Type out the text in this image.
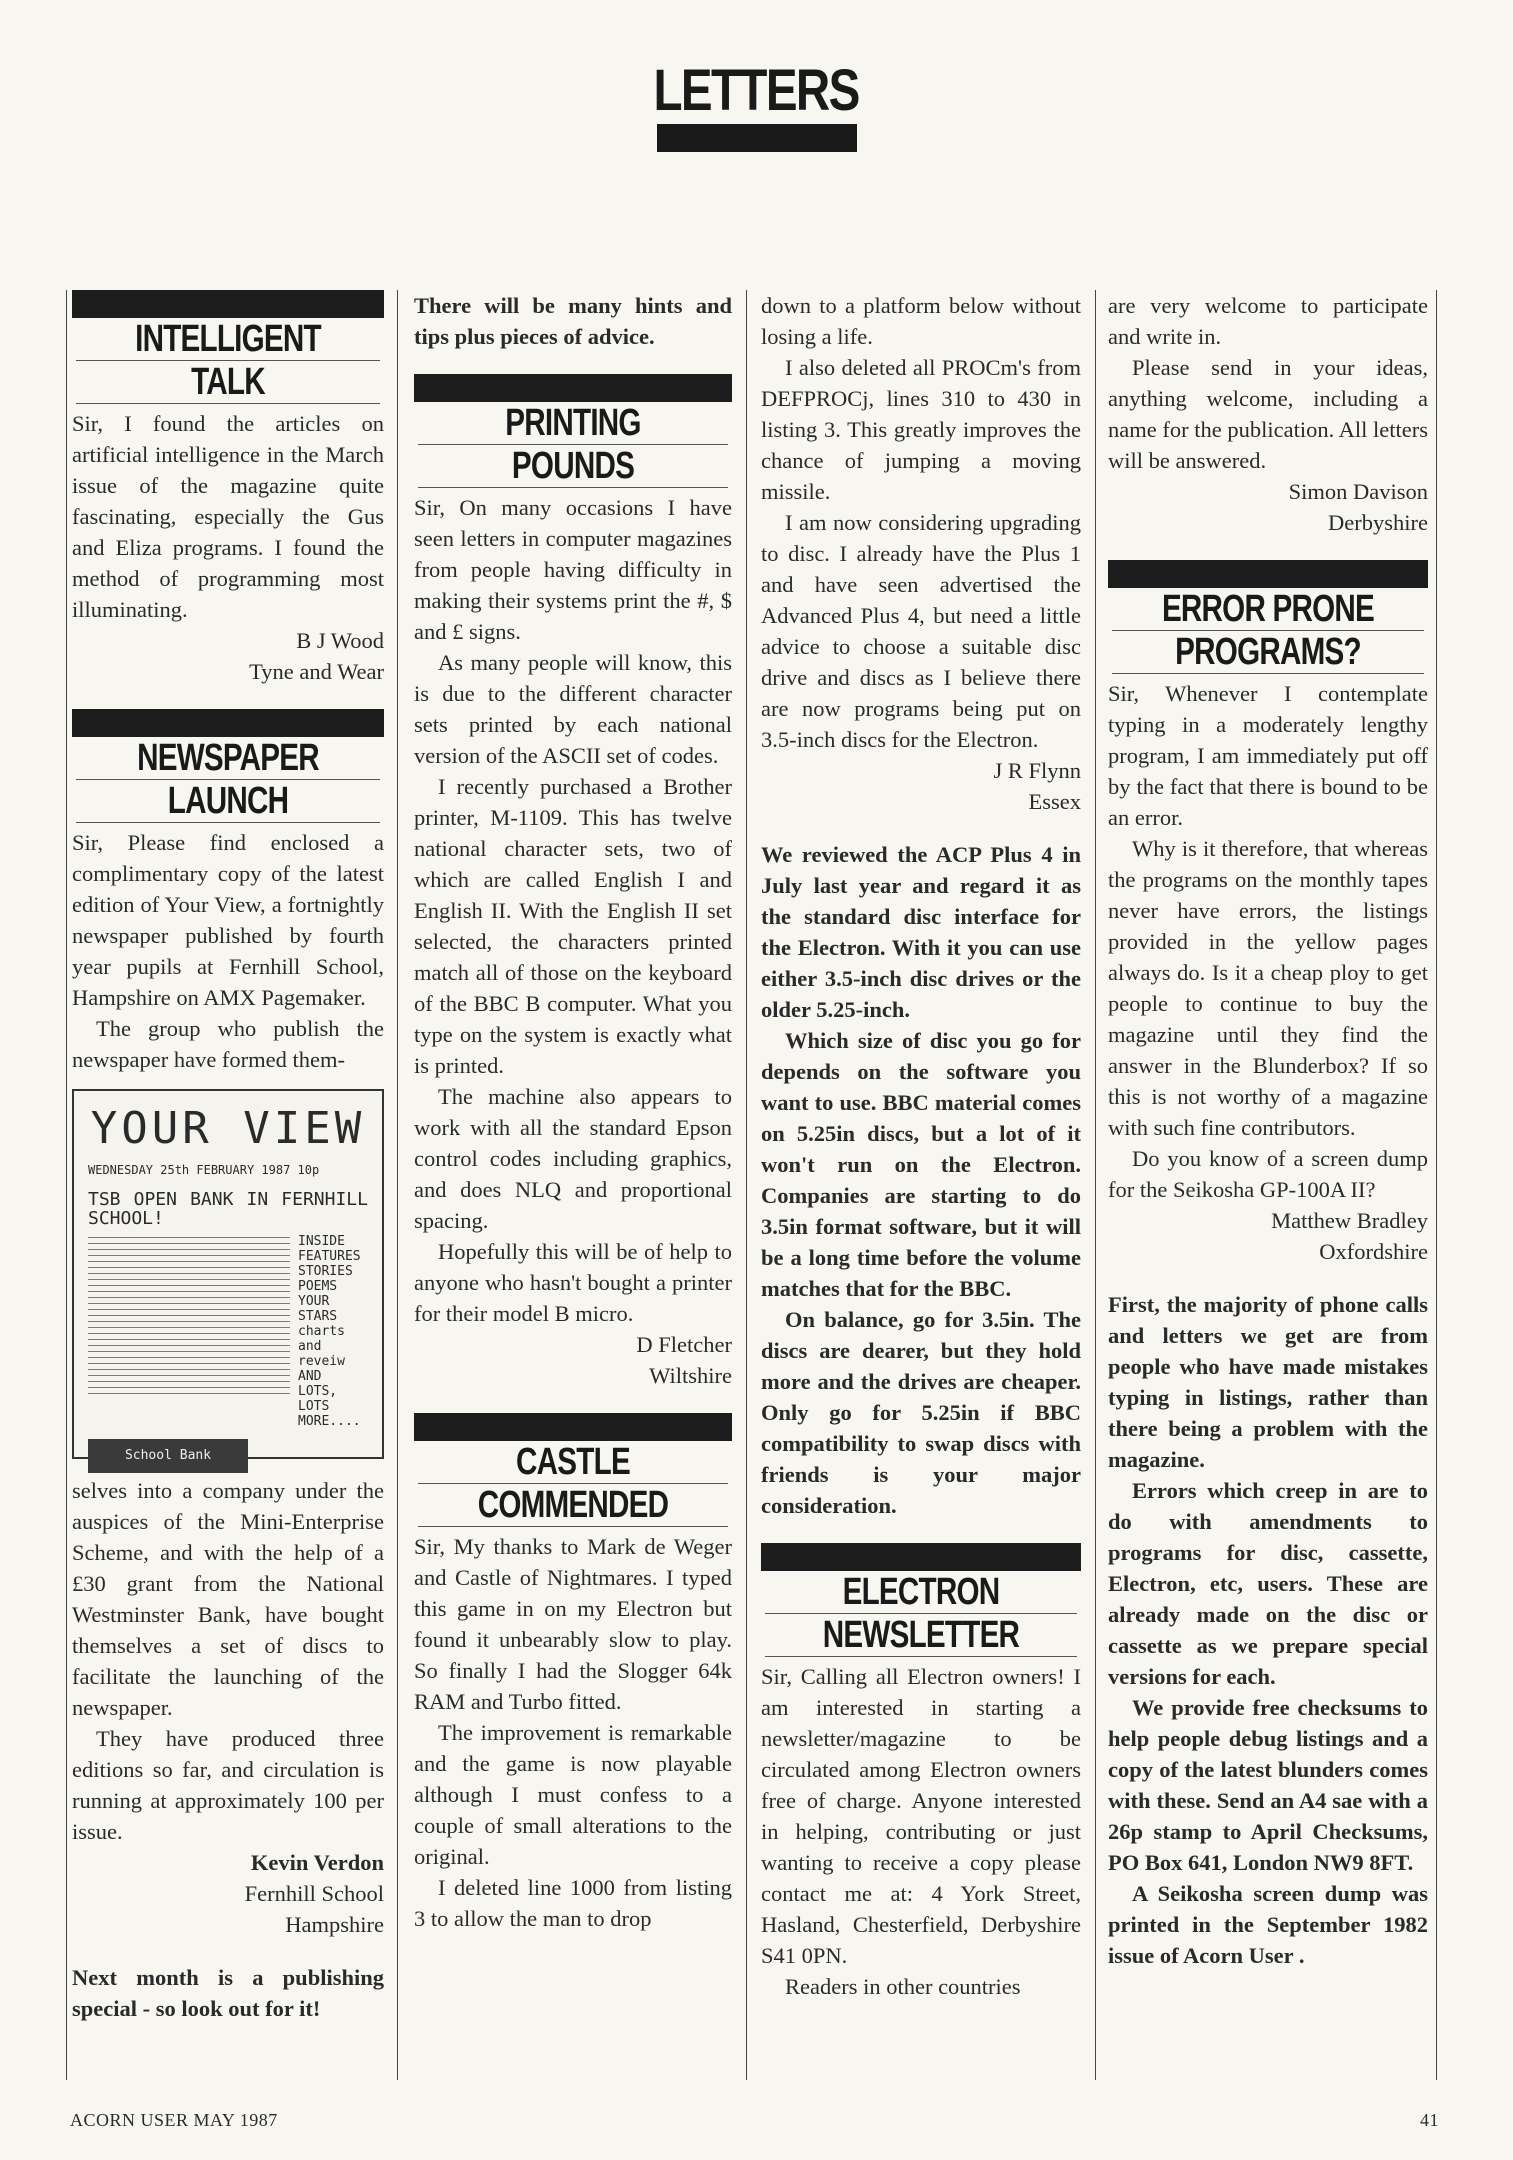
LETTERS
INTELLIGENT
TALK

Sir, I found the articles on artificial intelligence in the March issue of the magazine quite fascinating, especially the Gus and Eliza programs. I found the method of programming most illuminating.

B J Wood

Tyne and Wear

NEWSPAPER
LAUNCH

Sir, Please find enclosed a complimentary copy of the latest edition of Your View, a fortnightly newspaper published by fourth year pupils at Fernhill School, Hampshire on AMX Pagemaker.

The group who publish the newspaper have formed them-

YOUR VIEW
WEDNESDAY 25th FEBRUARY 1987 10p
TSB OPEN BANK IN FERNHILL SCHOOL!
INSIDE FEATURES STORIES POEMS YOUR STARS charts and reveiw AND LOTS, LOTS MORE....
School Bank

selves into a company under the auspices of the Mini-Enterprise Scheme, and with the help of a £30 grant from the National Westminster Bank, have bought themselves a set of discs to facilitate the launching of the newspaper.

They have produced three editions so far, and circulation is running at approximately 100 per issue.

Kevin Verdon

Fernhill School

Hampshire

Next month is a publishing special - so look out for it!

There will be many hints and tips plus pieces of advice.

PRINTING
POUNDS

Sir, On many occasions I have seen letters in computer magazines from people having difficulty in making their systems print the #, $ and £ signs.

As many people will know, this is due to the different character sets printed by each national version of the ASCII set of codes.

I recently purchased a Brother printer, M-1109. This has twelve national character sets, two of which are called English I and English II. With the English II set selected, the characters printed match all of those on the keyboard of the BBC B computer. What you type on the system is exactly what is printed.

The machine also appears to work with all the standard Epson control codes including graphics, and does NLQ and proportional spacing.

Hopefully this will be of help to anyone who hasn't bought a printer for their model B micro.

D Fletcher

Wiltshire

CASTLE
COMMENDED

Sir, My thanks to Mark de Weger and Castle of Nightmares. I typed this game in on my Electron but found it unbearably slow to play. So finally I had the Slogger 64k RAM and Turbo fitted.

The improvement is remarkable and the game is now playable although I must confess to a couple of small alterations to the original.

I deleted line 1000 from listing 3 to allow the man to drop

down to a platform below without losing a life.

I also deleted all PROCm's from DEFPROCj, lines 310 to 430 in listing 3. This greatly improves the chance of jumping a moving missile.

I am now considering upgrading to disc. I already have the Plus 1 and have seen advertised the Advanced Plus 4, but need a little advice to choose a suitable disc drive and discs as I believe there are now programs being put on 3.5-inch discs for the Electron.

J R Flynn

Essex

We reviewed the ACP Plus 4 in July last year and regard it as the standard disc interface for the Electron. With it you can use either 3.5-inch disc drives or the older 5.25-inch.

Which size of disc you go for depends on the software you want to use. BBC material comes on 5.25in discs, but a lot of it won't run on the Electron. Companies are starting to do 3.5in format software, but it will be a long time before the volume matches that for the BBC.

On balance, go for 3.5in. The discs are dearer, but they hold more and the drives are cheaper. Only go for 5.25in if BBC compatibility to swap discs with friends is your major consideration.

ELECTRON
NEWSLETTER

Sir, Calling all Electron owners! I am interested in starting a newsletter/magazine to be circulated among Electron owners free of charge. Anyone interested in helping, contributing or just wanting to receive a copy please contact me at: 4 York Street, Hasland, Chesterfield, Derbyshire S41 0PN.

Readers in other countries

are very welcome to participate and write in.

Please send in your ideas, anything welcome, including a name for the publication. All letters will be answered.

Simon Davison

Derbyshire

ERROR PRONE
PROGRAMS?

Sir, Whenever I contemplate typing in a moderately lengthy program, I am immediately put off by the fact that there is bound to be an error.

Why is it therefore, that whereas the programs on the monthly tapes never have errors, the listings provided in the yellow pages always do. Is it a cheap ploy to get people to continue to buy the magazine until they find the answer in the Blunderbox? If so this is not worthy of a magazine with such fine contributors.

Do you know of a screen dump for the Seikosha GP-100A II?

Matthew Bradley

Oxfordshire

First, the majority of phone calls and letters we get are from people who have made mistakes typing in listings, rather than there being a problem with the magazine.

Errors which creep in are to do with amendments to programs for disc, cassette, Electron, etc, users. These are already made on the disc or cassette as we prepare special versions for each.

We provide free checksums to help people debug listings and a copy of the latest blunders comes with these. Send an A4 sae with a 26p stamp to April Checksums, PO Box 641, London NW9 8FT.

A Seikosha screen dump was printed in the September 1982 issue of Acorn User .

ACORN USER MAY 1987	41
